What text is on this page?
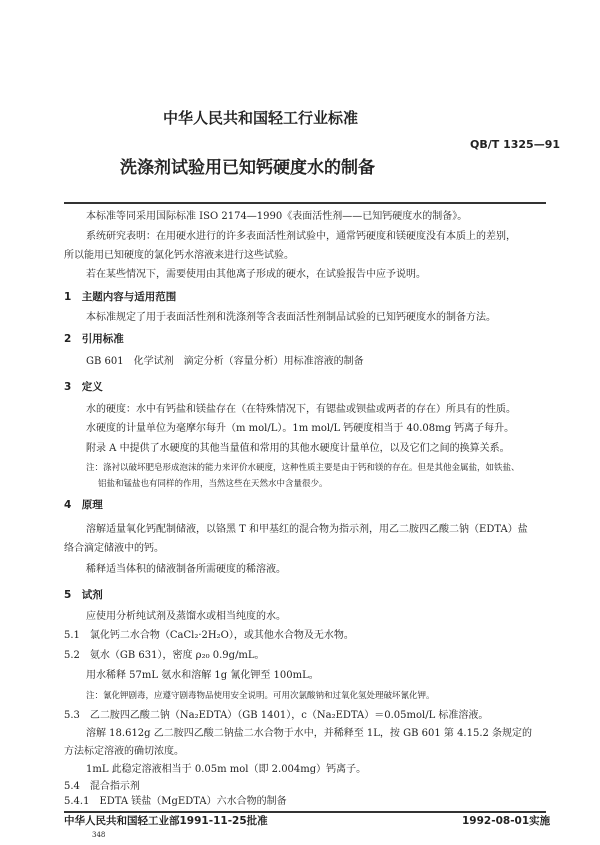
中华人民共和国轻工行业标准
QB/T 1325—91
洗涤剂试验用已知钙硬度水的制备
本标准等同采用国际标准 ISO 2174—1990《表面活性剂——已知钙硬度水的制备》。
系统研究表明：在用硬水进行的许多表面活性剂试验中，通常钙硬度和镁硬度没有本质上的差别，
所以能用已知硬度的氯化钙水溶液来进行这些试验。
若在某些情况下，需要使用由其他离子形成的硬水，在试验报告中应予说明。
1　主题内容与适用范围
本标准规定了用于表面活性剂和洗涤剂等含表面活性剂制品试验的已知钙硬度水的制备方法。
2　引用标准
GB 601　化学试剂　滴定分析（容量分析）用标准溶液的制备
3　定义
水的硬度：水中有钙盐和镁盐存在（在特殊情况下，有锶盐或钡盐或两者的存在）所具有的性质。
水硬度的计量单位为毫摩尔每升（m mol/L）。1m mol/L 钙硬度相当于 40.08mg 钙离子每升。
附录 A 中提供了水硬度的其他当量值和常用的其他水硬度计量单位，以及它们之间的换算关系。
注：涤衬以破坏肥皂形成泡沫的能力来评价水硬度，这种性质主要是由于钙和镁的存在。但是其他金属盐，如铁盐、
铝盐和锰盐也有同样的作用，当然这些在天然水中含量很少。
4　原理
溶解适量氧化钙配制储液，以铬黑 T 和甲基红的混合物为指示剂，用乙二胺四乙酸二钠（EDTA）盐
络合滴定储液中的钙。
稀释适当体积的储液制备所需硬度的稀溶液。
5　试剂
应使用分析纯试剂及蒸馏水或相当纯度的水。
5.1　氯化钙二水合物（CaCl₂·2H₂O），或其他水合物及无水物。
5.2　氨水（GB 631），密度 ρ₂₀ 0.9g/mL。
用水稀释 57mL 氨水和溶解 1g 氰化钾至 100mL。
注：氰化钾剧毒，应遵守剧毒物品使用安全说明。可用次氯酸钠和过氧化氢处理破坏氰化钾。
5.3　乙二胺四乙酸二钠（Na₂EDTA）（GB 1401），c（Na₂EDTA）＝0.05mol/L 标准溶液。
溶解 18.612g 乙二胺四乙酸二钠盐二水合物于水中，并稀释至 1L，按 GB 601 第 4.15.2 条规定的
方法标定溶液的确切浓度。
1mL 此稳定溶液相当于 0.05m mol（即 2.004mg）钙离子。
5.4　混合指示剂
5.4.1　EDTA 镁盐（MgEDTA）六水合物的制备
中华人民共和国轻工业部1991-11-25批准	1992-08-01实施
348
